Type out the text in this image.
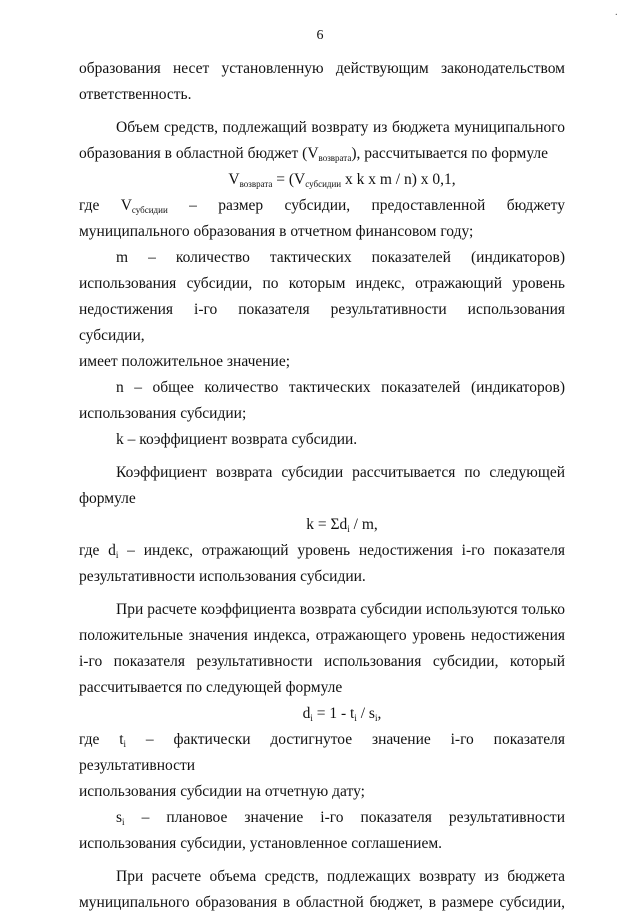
6
·

образования несет установленную действующим законодательством

ответственность.

Объем средств, подлежащий возврату из бюджета муниципального

образования в областной бюджет $(V_{возврата})$, рассчитывается по формуле

$V_{возврата} = (V_{субсидии}$ x k x m / n) x 0,1,

где $V_{субсидии}$ – размер субсидии, предоставленной бюджету

муниципального образования в отчетном финансовом году;

m – количество тактических показателей (индикаторов)

использования субсидии, по которым индекс, отражающий уровень

недостижения i-го показателя результативности использования субсидии,

имеет положительное значение;

n – общее количество тактических показателей (индикаторов)

использования субсидии;

k – коэффициент возврата субсидии.

Коэффициент возврата субсидии рассчитывается по следующей

формуле

$k = \Sigma d_i / m$,

где $d_i$ – индекс, отражающий уровень недостижения i-го показателя

результативности использования субсидии.

При расчете коэффициента возврата субсидии используются только

положительные значения индекса, отражающего уровень недостижения

i-го показателя результативности использования субсидии, который

рассчитывается по следующей формуле

$d_i = 1 - t_i / s_i$,

где $t_i$ – фактически достигнутое значение i-го показателя результативности

использования субсидии на отчетную дату;

$s_i$ – плановое значение i-го показателя результативности

использования субсидии, установленное соглашением.

При расчете объема средств, подлежащих возврату из бюджета

муниципального образования в областной бюджет, в размере субсидии,
